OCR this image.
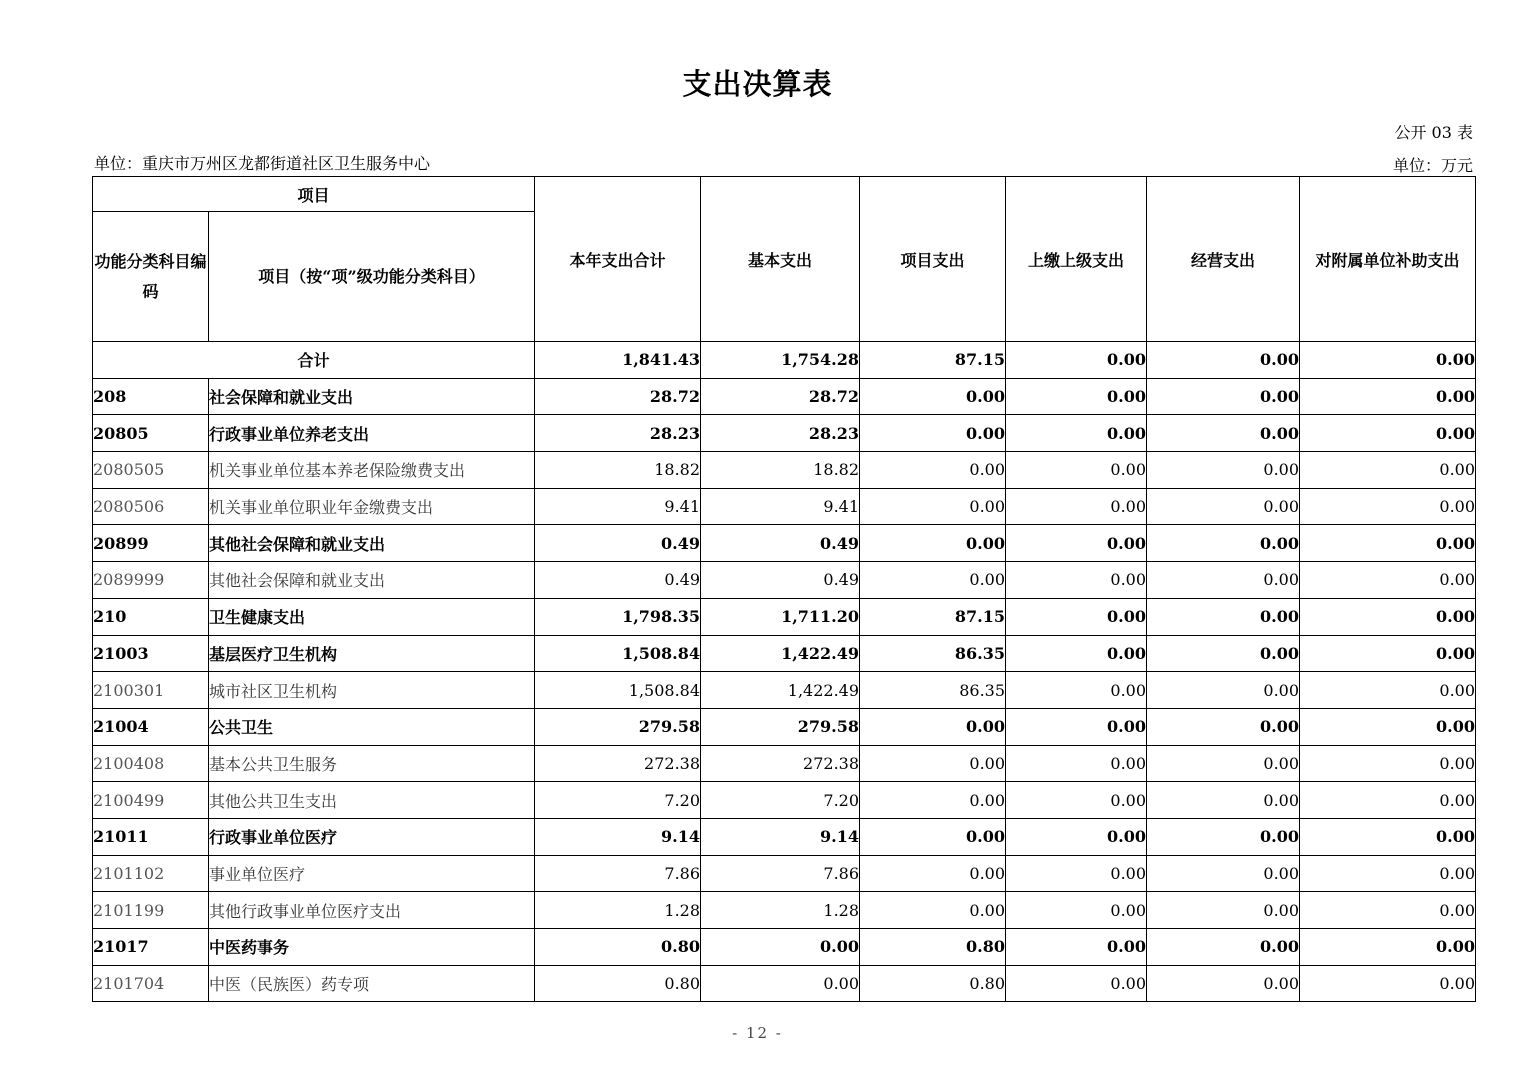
支出决算表
公开 03 表
单位：重庆市万州区龙都街道社区卫生服务中心	单位：万元
项目		本年支出合计	基本支出	项目支出	上缴上级支出	经营支出	对附属单位补助支出
功能分类科目编码	项目（按“项”级功能分类科目）						
合计		1,841.43	1,754.28	87.15	0.00	0.00	0.00
208	社会保障和就业支出	28.72	28.72	0.00	0.00	0.00	0.00
20805	行政事业单位养老支出	28.23	28.23	0.00	0.00	0.00	0.00
2080505	机关事业单位基本养老保险缴费支出	18.82	18.82	0.00	0.00	0.00	0.00
2080506	机关事业单位职业年金缴费支出	9.41	9.41	0.00	0.00	0.00	0.00
20899	其他社会保障和就业支出	0.49	0.49	0.00	0.00	0.00	0.00
2089999	其他社会保障和就业支出	0.49	0.49	0.00	0.00	0.00	0.00
210	卫生健康支出	1,798.35	1,711.20	87.15	0.00	0.00	0.00
21003	基层医疗卫生机构	1,508.84	1,422.49	86.35	0.00	0.00	0.00
2100301	城市社区卫生机构	1,508.84	1,422.49	86.35	0.00	0.00	0.00
21004	公共卫生	279.58	279.58	0.00	0.00	0.00	0.00
2100408	基本公共卫生服务	272.38	272.38	0.00	0.00	0.00	0.00
2100499	其他公共卫生支出	7.20	7.20	0.00	0.00	0.00	0.00
21011	行政事业单位医疗	9.14	9.14	0.00	0.00	0.00	0.00
2101102	事业单位医疗	7.86	7.86	0.00	0.00	0.00	0.00
2101199	其他行政事业单位医疗支出	1.28	1.28	0.00	0.00	0.00	0.00
21017	中医药事务	0.80	0.00	0.80	0.00	0.00	0.00
2101704	中医（民族医）药专项	0.80	0.00	0.80	0.00	0.00	0.00
- 12 -
